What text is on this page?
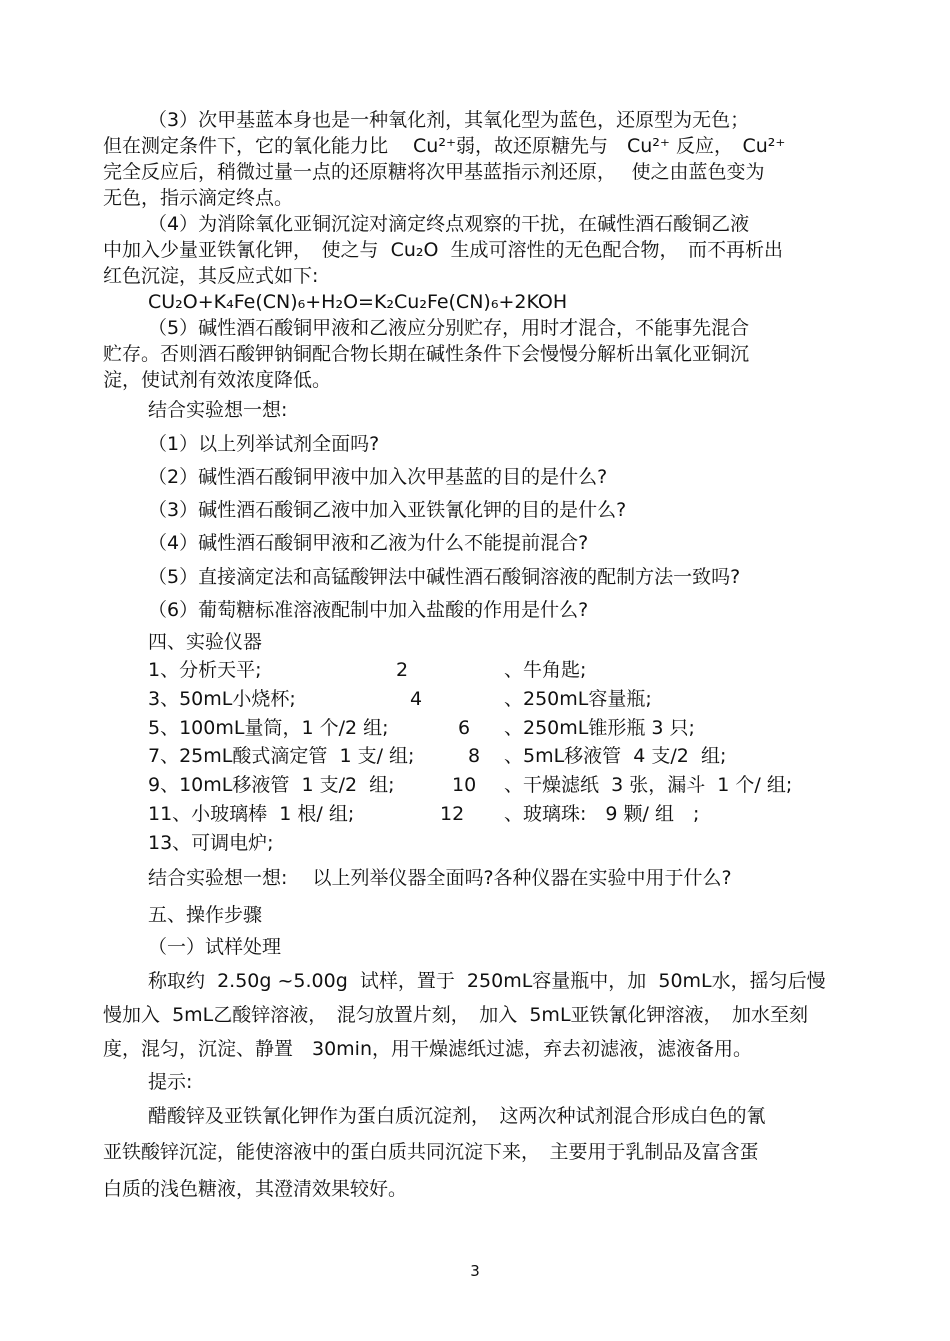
（3）次甲基蓝本身也是一种氧化剂，其氧化型为蓝色，还原型为无色；
但在测定条件下，它的氧化能力比　 Cu²⁺弱，故还原糖先与　Cu²⁺ 反应，　Cu²⁺
完全反应后，稍微过量一点的还原糖将次甲基蓝指示剂还原，　 使之由蓝色变为
无色，指示滴定终点。
（4）为消除氧化亚铜沉淀对滴定终点观察的干扰，在碱性酒石酸铜乙液
中加入少量亚铁氰化钾，　使之与  Cu₂O  生成可溶性的无色配合物，　而不再析出
红色沉淀，其反应式如下:
CU₂O+K₄Fe(CN)₆+H₂O=K₂Cu₂Fe(CN)₆+2KOH
（5）碱性酒石酸铜甲液和乙液应分别贮存，用时才混合，不能事先混合
贮存。否则酒石酸钾钠铜配合物长期在碱性条件下会慢慢分解析出氧化亚铜沉
淀，使试剂有效浓度降低。
结合实验想一想:
（1）以上列举试剂全面吗?
（2）碱性酒石酸铜甲液中加入次甲基蓝的目的是什么?
（3）碱性酒石酸铜乙液中加入亚铁氰化钾的目的是什么?
（4）碱性酒石酸铜甲液和乙液为什么不能提前混合?
（5）直接滴定法和高锰酸钾法中碱性酒石酸铜溶液的配制方法一致吗?
（6）葡萄糖标准溶液配制中加入盐酸的作用是什么?
四、实验仪器
1、分析天平;	2	、牛角匙;
3、50mL小烧杯;	4	、250mL容量瓶;
5、100mL量筒，1 个/2 组;	6 、250mL锥形瓶 3 只;
7、25mL酸式滴定管  1 支/ 组;	8 、5mL移液管  4 支/2  组;
9、10mL移液管  1 支/2  组;	10 、干燥滤纸  3 张，漏斗  1 个/ 组;
11、小玻璃棒  1 根/ 组;	12 、玻璃珠:　9 颗/ 组　;
13、可调电炉;
结合实验想一想:　 以上列举仪器全面吗?各种仪器在实验中用于什么?
五、操作步骤
（一）试样处理
称取约  2.50g ~5.00g  试样，置于  250mL容量瓶中，加  50mL水，摇匀后慢
慢加入  5mL乙酸锌溶液，　混匀放置片刻，　加入  5mL亚铁氰化钾溶液，　加水至刻
度，混匀，沉淀、静置　30min，用干燥滤纸过滤，弃去初滤液，滤液备用。
提示:
醋酸锌及亚铁氰化钾作为蛋白质沉淀剂，　这两次种试剂混合形成白色的氰
亚铁酸锌沉淀，能使溶液中的蛋白质共同沉淀下来，　主要用于乳制品及富含蛋
白质的浅色糖液，其澄清效果较好。
3
